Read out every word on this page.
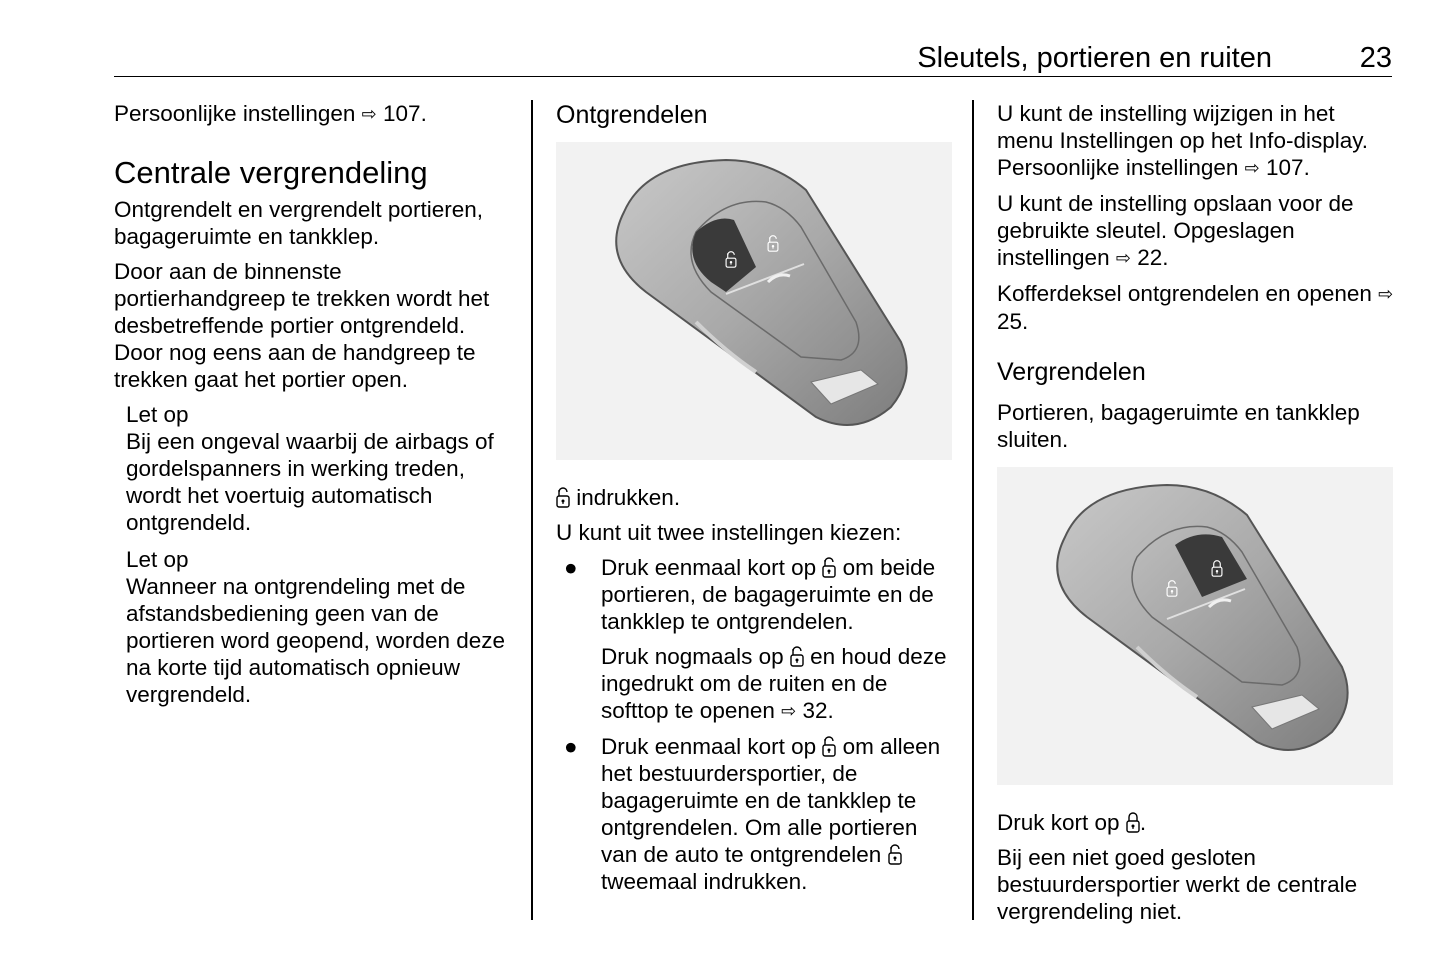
Sleutels, portieren en ruiten	23

Persoonlijke instellingen ⇨ 107.

Centrale vergrendeling

Ontgrendelt en vergrendelt portieren, bagageruimte en tankklep.

Door aan de binnenste portierhandgreep te trekken wordt het desbetreffende portier ontgrendeld. Door nog eens aan de handgreep te trekken gaat het portier open.

Let op
Bij een ongeval waarbij de airbags of gordelspanners in werking treden, wordt het voertuig automatisch ontgrendeld.
Let op
Wanneer na ontgrendeling met de afstandsbediening geen van de portieren word geopend, worden deze na korte tijd automatisch opnieuw vergrendeld.
Ontgrendelen

indrukken.

U kunt uit twee instellingen kiezen:

● Druk eenmaal kort op om beide portieren, de bagageruimte en de tankklep te ontgrendelen.
Druk nogmaals op en houd deze ingedrukt om de ruiten en de softtop te openen ⇨ 32.
● Druk eenmaal kort op om alleen het bestuurdersportier, de bagageruimte en de tankklep te ontgrendelen. Om alle portieren van de auto te ontgrendelen  tweemaal indrukken.

U kunt de instelling wijzigen in het menu Instellingen op het Info-display. Persoonlijke instellingen ⇨ 107.

U kunt de instelling opslaan voor de gebruikte sleutel. Opgeslagen instellingen ⇨ 22.

Kofferdeksel ontgrendelen en openen ⇨ 25.

Vergrendelen

Portieren, bagageruimte en tankklep sluiten.

Druk kort op .

Bij een niet goed gesloten bestuurdersportier werkt de centrale vergrendeling niet.
